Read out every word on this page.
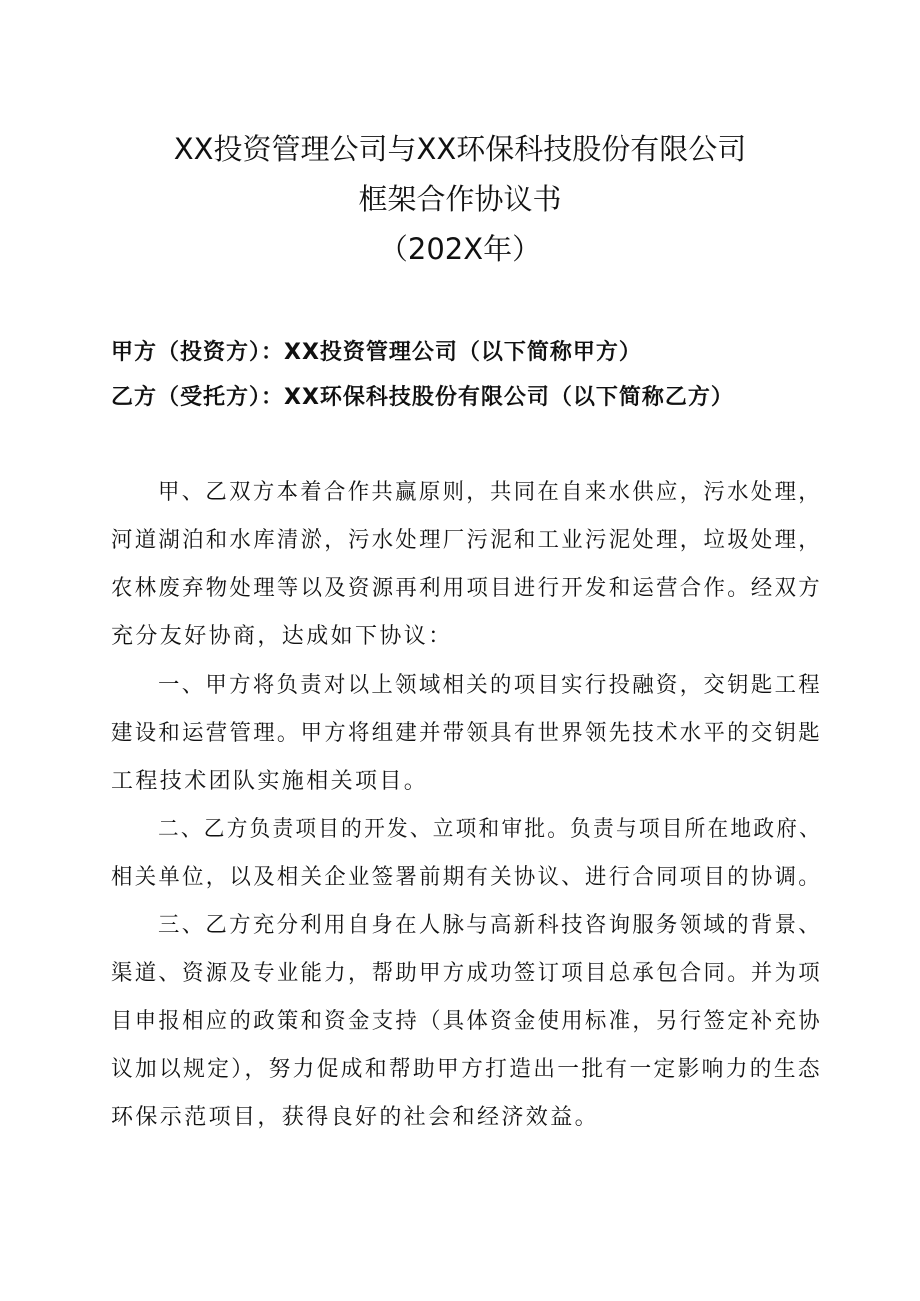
XX投资管理公司与XX环保科技股份有限公司
框架合作协议书
（202X年）
甲方（投资方）：XX投资管理公司（以下简称甲方）
乙方（受托方）：XX环保科技股份有限公司（以下简称乙方）
甲、乙双方本着合作共赢原则，共同在自来水供应，污水处理，
河道湖泊和水库清淤，污水处理厂污泥和工业污泥处理，垃圾处理，
农林废弃物处理等以及资源再利用项目进行开发和运营合作。经双方
充分友好协商，达成如下协议：
一、甲方将负责对以上领域相关的项目实行投融资，交钥匙工程
建设和运营管理。甲方将组建并带领具有世界领先技术水平的交钥匙
工程技术团队实施相关项目。
二、乙方负责项目的开发、立项和审批。负责与项目所在地政府、
相关单位，以及相关企业签署前期有关协议、进行合同项目的协调。
三、乙方充分利用自身在人脉与高新科技咨询服务领域的背景、
渠道、资源及专业能力，帮助甲方成功签订项目总承包合同。并为项
目申报相应的政策和资金支持（具体资金使用标准，另行签定补充协
议加以规定），努力促成和帮助甲方打造出一批有一定影响力的生态
环保示范项目，获得良好的社会和经济效益。
